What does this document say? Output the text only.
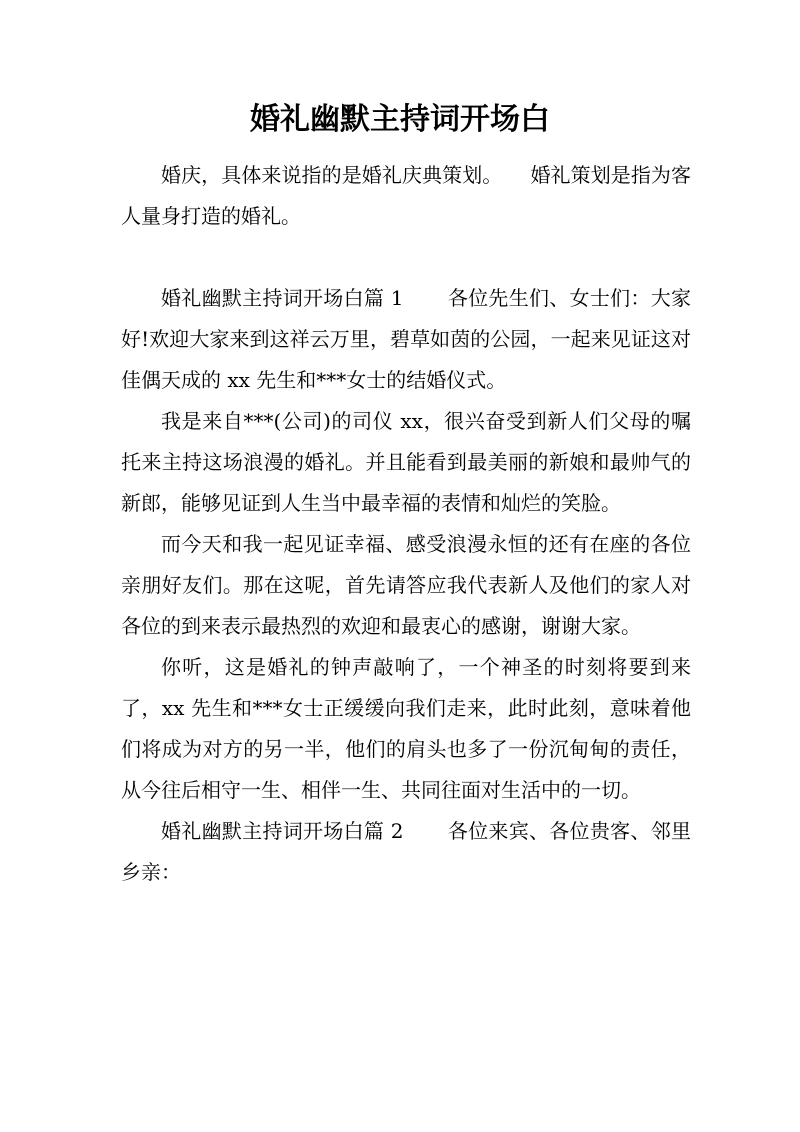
婚礼幽默主持词开场白

婚庆，具体来说指的是婚礼庆典策划。 婚礼策划是指为客人量身打造的婚礼。

婚礼幽默主持词开场白篇 1 各位先生们、女士们：大家好!欢迎大家来到这祥云万里，碧草如茵的公园，一起来见证这对佳偶天成的 xx 先生和***女士的结婚仪式。

我是来自***(公司)的司仪 xx，很兴奋受到新人们父母的嘱托来主持这场浪漫的婚礼。并且能看到最美丽的新娘和最帅气的新郎，能够见证到人生当中最幸福的表情和灿烂的笑脸。

而今天和我一起见证幸福、感受浪漫永恒的还有在座的各位亲朋好友们。那在这呢，首先请答应我代表新人及他们的家人对各位的到来表示最热烈的欢迎和最衷心的感谢，谢谢大家。

你听，这是婚礼的钟声敲响了，一个神圣的时刻将要到来了，xx 先生和***女士正缓缓向我们走来，此时此刻，意味着他们将成为对方的另一半，他们的肩头也多了一份沉甸甸的责任，从今往后相守一生、相伴一生、共同往面对生活中的一切。

婚礼幽默主持词开场白篇 2 各位来宾、各位贵客、邻里乡亲：
